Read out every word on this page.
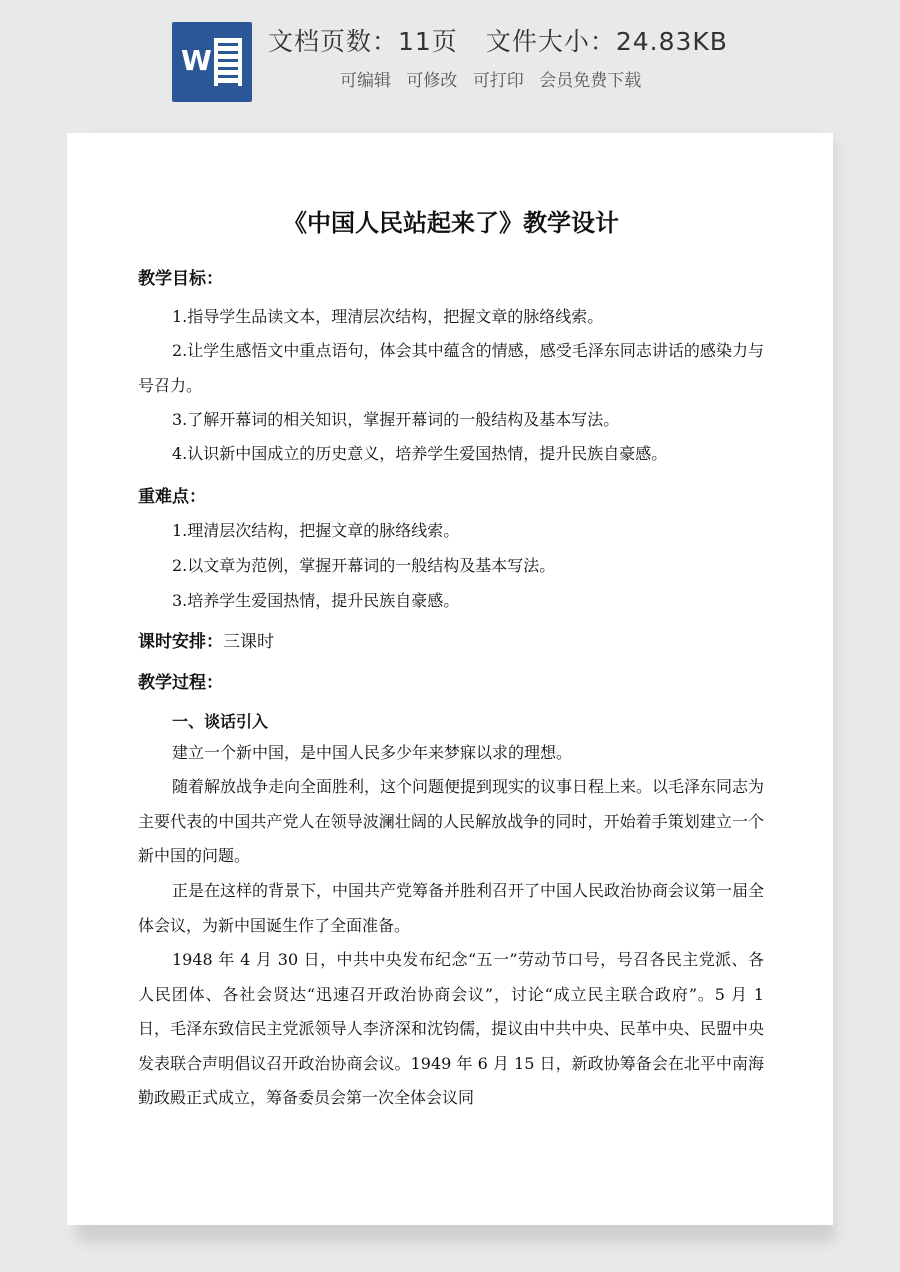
W
文档页数：11页 文件大小：24.83KB
可编辑 可修改 可打印 会员免费下载
《中国人民站起来了》教学设计
教学目标：
1.指导学生品读文本，理清层次结构，把握文章的脉络线索。
2.让学生感悟文中重点语句，体会其中蕴含的情感，感受毛泽东同志讲话的感染力与号召力。
3.了解开幕词的相关知识，掌握开幕词的一般结构及基本写法。
4.认识新中国成立的历史意义，培养学生爱国热情，提升民族自豪感。
重难点：
1.理清层次结构，把握文章的脉络线索。
2.以文章为范例，掌握开幕词的一般结构及基本写法。
3.培养学生爱国热情，提升民族自豪感。
课时安排：三课时
教学过程：
一、谈话引入
建立一个新中国，是中国人民多少年来梦寐以求的理想。
随着解放战争走向全面胜利，这个问题便提到现实的议事日程上来。以毛泽东同志为主要代表的中国共产党人在领导波澜壮阔的人民解放战争的同时，开始着手策划建立一个新中国的问题。
正是在这样的背景下，中国共产党筹备并胜利召开了中国人民政治协商会议第一届全体会议，为新中国诞生作了全面准备。
1948 年 4 月 30 日，中共中央发布纪念“五一”劳动节口号，号召各民主党派、各人民团体、各社会贤达“迅速召开政治协商会议”，讨论“成立民主联合政府”。5 月 1 日，毛泽东致信民主党派领导人李济深和沈钧儒，提议由中共中央、民革中央、民盟中央发表联合声明倡议召开政治协商会议。1949 年 6 月 15 日，新政协筹备会在北平中南海勤政殿正式成立，筹备委员会第一次全体会议同
